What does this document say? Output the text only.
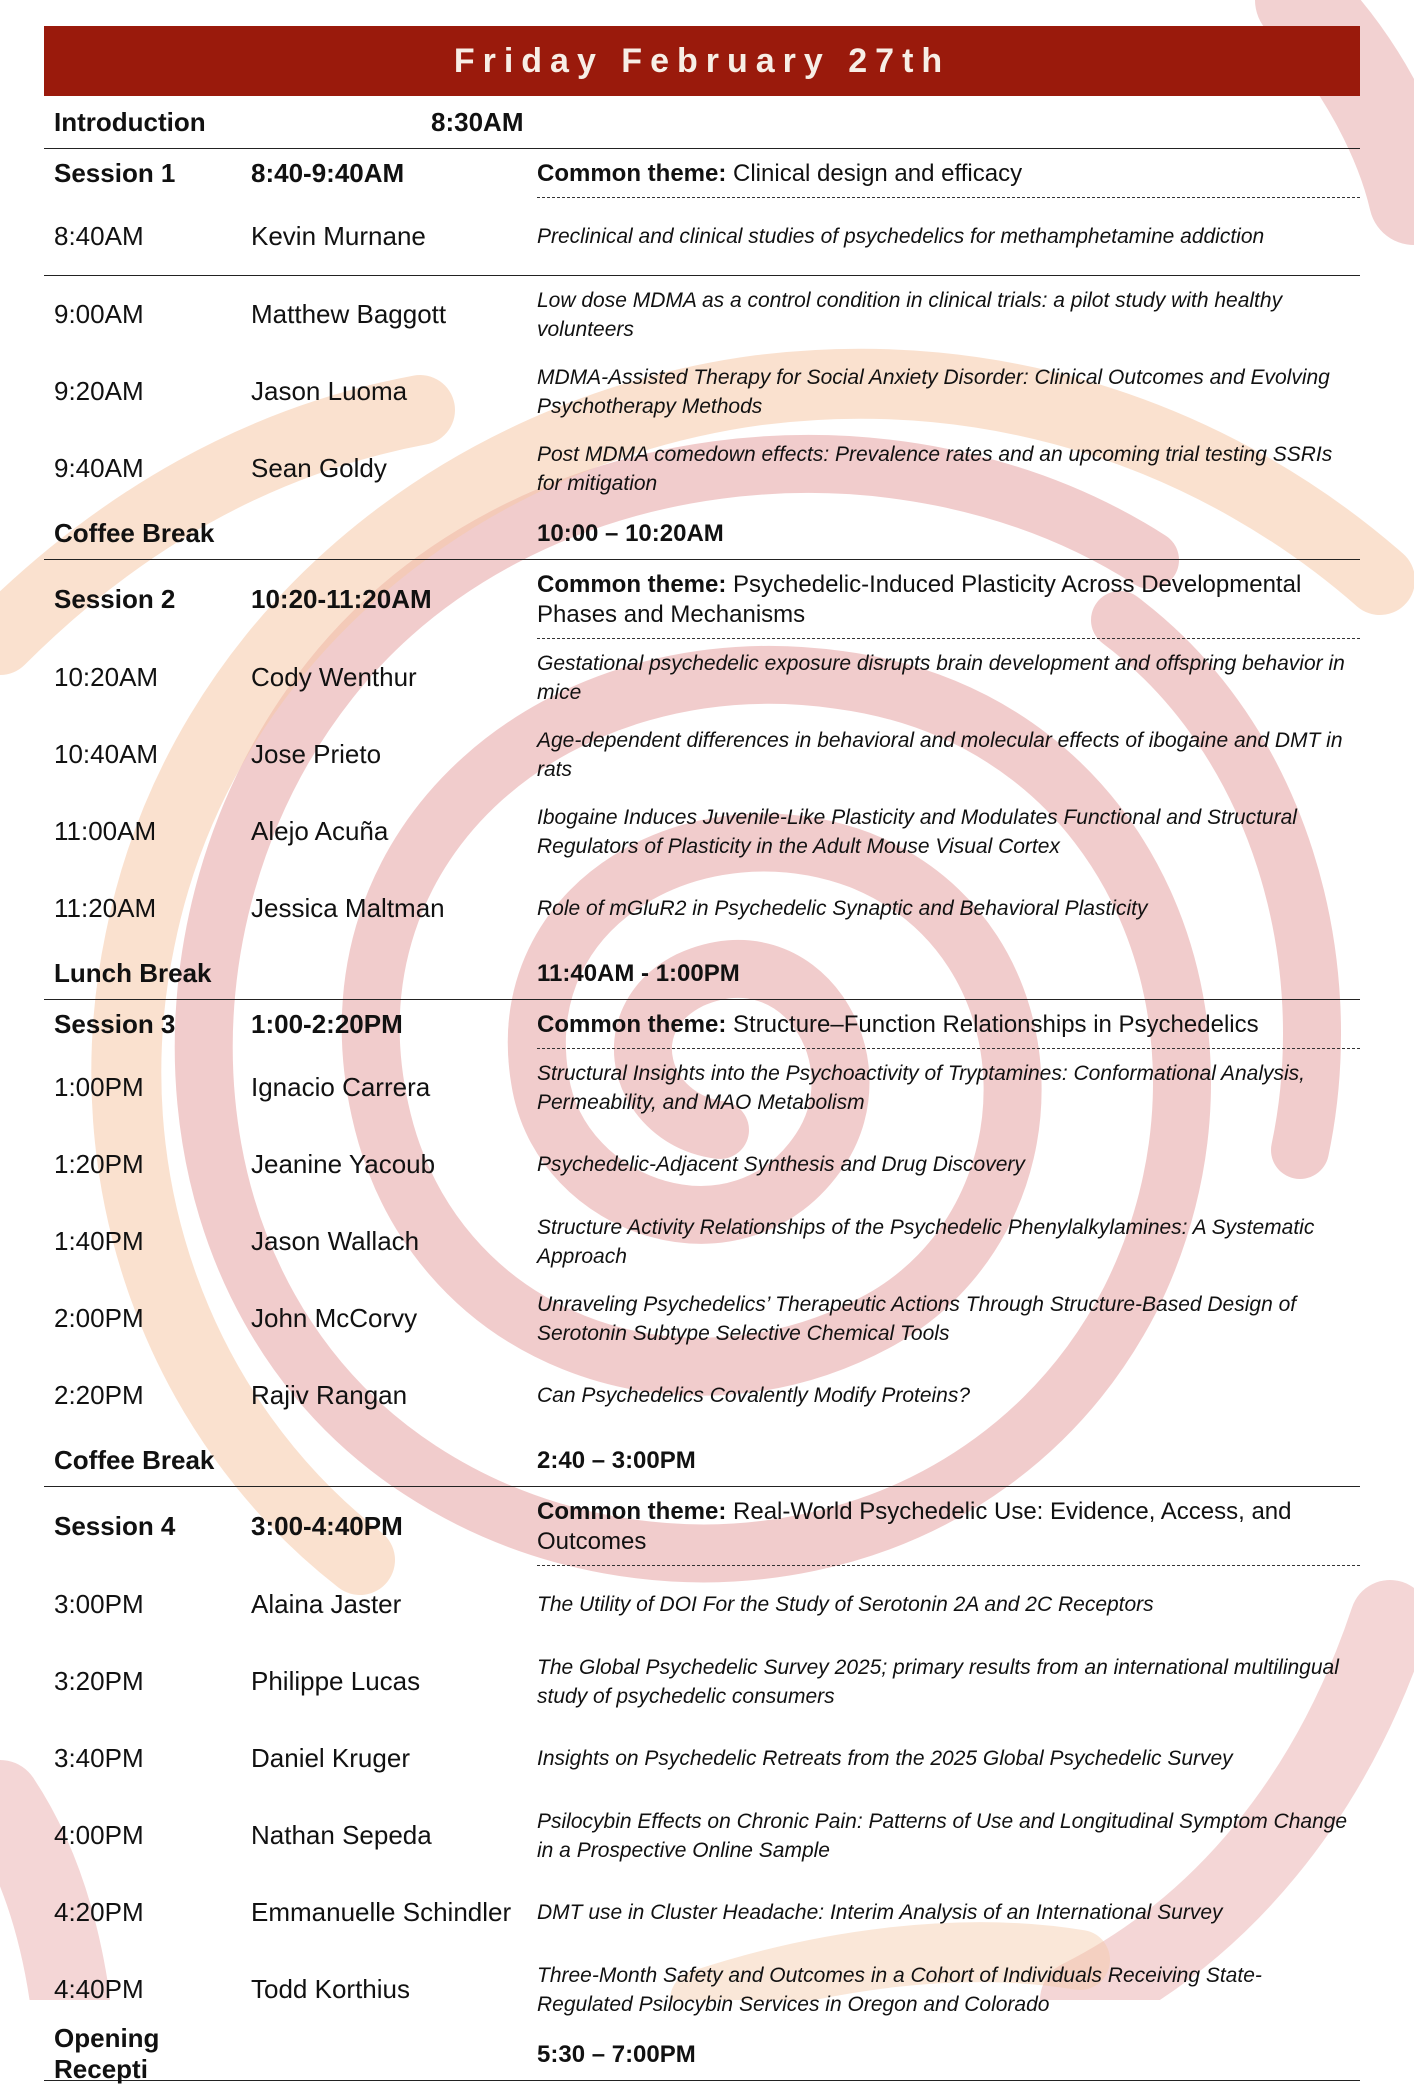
Friday February 27th
Introduction	8:30AM
Session 1	8:40-9:40AM	Common theme: Clinical design and efficacy
8:40AM	Kevin Murnane	Preclinical and clinical studies of psychedelics for methamphetamine addiction
9:00AM	Matthew Baggott	Low dose MDMA as a control condition in clinical trials: a pilot study with healthy volunteers
9:20AM	Jason Luoma	MDMA-Assisted Therapy for Social Anxiety Disorder: Clinical Outcomes and Evolving Psychotherapy Methods
9:40AM	Sean Goldy	Post MDMA comedown effects: Prevalence rates and an upcoming trial testing SSRIs for mitigation
Coffee Break	10:00 – 10:20AM
Session 2	10:20-11:20AM	Common theme: Psychedelic-Induced Plasticity Across Developmental Phases and Mechanisms
10:20AM	Cody Wenthur	Gestational psychedelic exposure disrupts brain development and offspring behavior in mice
10:40AM	Jose Prieto	Age-dependent differences in behavioral and molecular effects of ibogaine and DMT in rats
11:00AM	Alejo Acuña	Ibogaine Induces Juvenile-Like Plasticity and Modulates Functional and Structural Regulators of Plasticity in the Adult Mouse Visual Cortex
11:20AM	Jessica Maltman	Role of mGluR2 in Psychedelic Synaptic and Behavioral Plasticity
Lunch Break	11:40AM - 1:00PM
Session 3	1:00-2:20PM	Common theme: Structure–Function Relationships in Psychedelics
1:00PM	Ignacio Carrera	Structural Insights into the Psychoactivity of Tryptamines: Conformational Analysis, Permeability, and MAO Metabolism
1:20PM	Jeanine Yacoub	Psychedelic-Adjacent Synthesis and Drug Discovery
1:40PM	Jason Wallach	Structure Activity Relationships of the Psychedelic Phenylalkylamines: A Systematic Approach
2:00PM	John McCorvy	Unraveling Psychedelics’ Therapeutic Actions Through Structure-Based Design of Serotonin Subtype Selective Chemical Tools
2:20PM	Rajiv Rangan	Can Psychedelics Covalently Modify Proteins?
Coffee Break	2:40 – 3:00PM
Session 4	3:00-4:40PM	Common theme: Real-World Psychedelic Use: Evidence, Access, and Outcomes
3:00PM	Alaina Jaster	The Utility of DOI For the Study of Serotonin 2A and 2C Receptors
3:20PM	Philippe Lucas	The Global Psychedelic Survey 2025; primary results from an international multilingual study of psychedelic consumers
3:40PM	Daniel Kruger	Insights on Psychedelic Retreats from the 2025 Global Psychedelic Survey
4:00PM	Nathan Sepeda	Psilocybin Effects on Chronic Pain: Patterns of Use and Longitudinal Symptom Change in a Prospective Online Sample
4:20PM	Emmanuelle Schindler	DMT use in Cluster Headache: Interim Analysis of an International Survey
4:40PM	Todd Korthius	Three-Month Safety and Outcomes in a Cohort of Individuals Receiving State-Regulated Psilocybin Services in Oregon and Colorado
Opening Recepti	5:30 – 7:00PM
